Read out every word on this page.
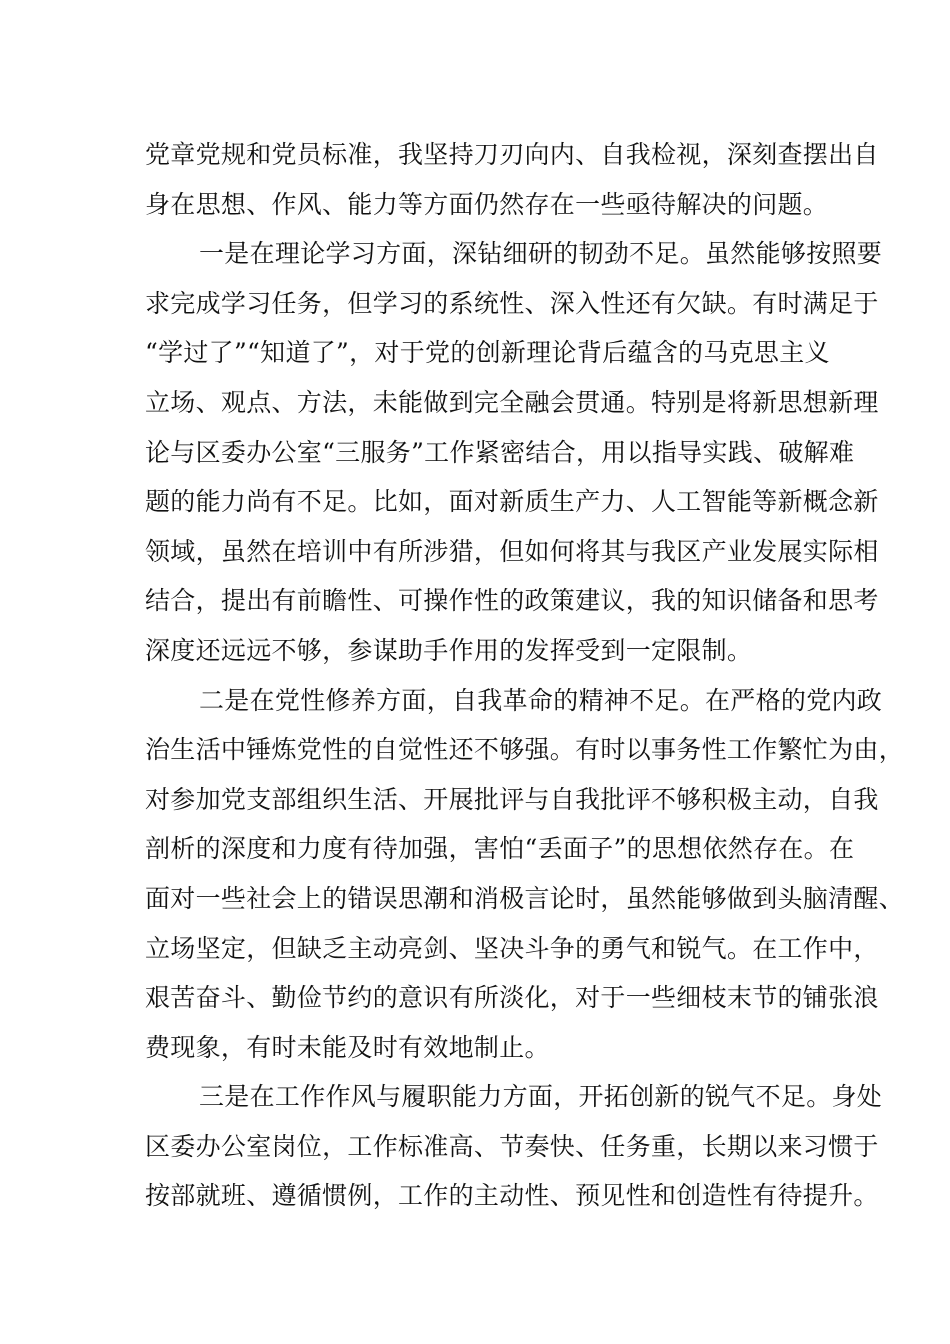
党章党规和党员标准，我坚持刀刃向内、自我检视，深刻查摆出自
身在思想、作风、能力等方面仍然存在一些亟待解决的问题。
一是在理论学习方面，深钻细研的韧劲不足。虽然能够按照要
求完成学习任务，但学习的系统性、深入性还有欠缺。有时满足于
“学过了”“知道了”，对于党的创新理论背后蕴含的马克思主义
立场、观点、方法，未能做到完全融会贯通。特别是将新思想新理
论与区委办公室“三服务”工作紧密结合，用以指导实践、破解难
题的能力尚有不足。比如，面对新质生产力、人工智能等新概念新
领域，虽然在培训中有所涉猎，但如何将其与我区产业发展实际相
结合，提出有前瞻性、可操作性的政策建议，我的知识储备和思考
深度还远远不够，参谋助手作用的发挥受到一定限制。
二是在党性修养方面，自我革命的精神不足。在严格的党内政
治生活中锤炼党性的自觉性还不够强。有时以事务性工作繁忙为由，
对参加党支部组织生活、开展批评与自我批评不够积极主动，自我
剖析的深度和力度有待加强，害怕“丢面子”的思想依然存在。在
面对一些社会上的错误思潮和消极言论时，虽然能够做到头脑清醒、
立场坚定，但缺乏主动亮剑、坚决斗争的勇气和锐气。在工作中，
艰苦奋斗、勤俭节约的意识有所淡化，对于一些细枝末节的铺张浪
费现象，有时未能及时有效地制止。
三是在工作作风与履职能力方面，开拓创新的锐气不足。身处
区委办公室岗位，工作标准高、节奏快、任务重，长期以来习惯于
按部就班、遵循惯例，工作的主动性、预见性和创造性有待提升。
